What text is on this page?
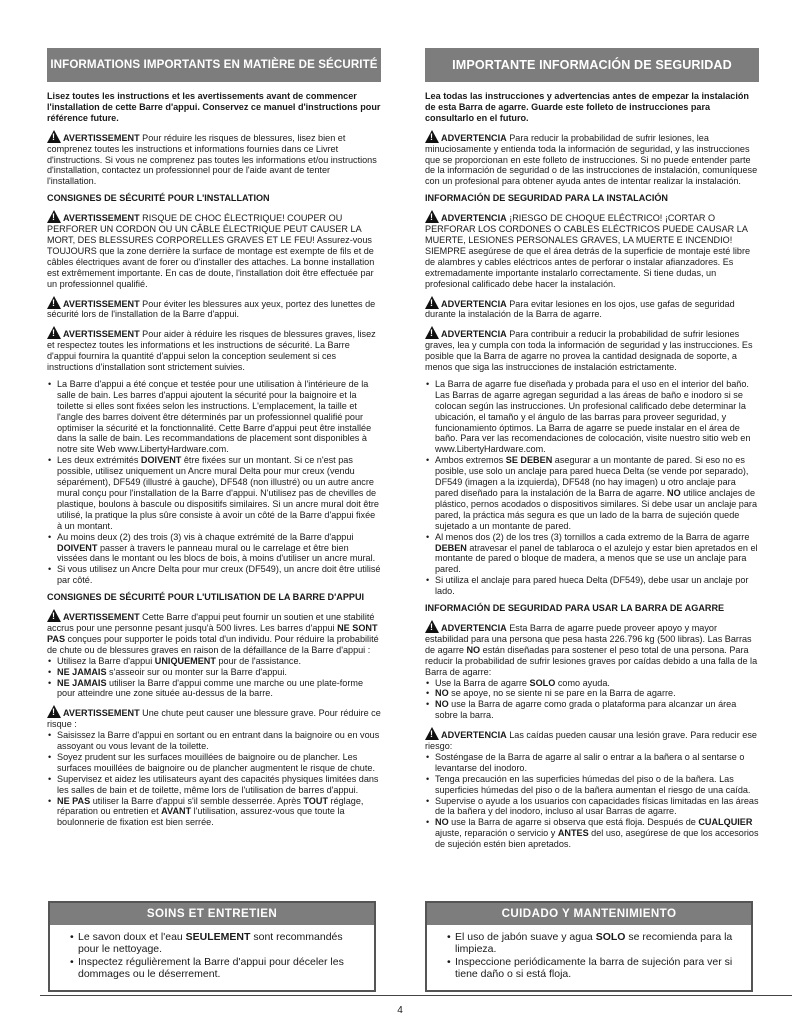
INFORMATIONS IMPORTANTS EN MATIÈRE DE SÉCURITÉ

Lisez toutes les instructions et les avertissements avant de commencer l'installation de cette Barre d'appui. Conservez ce manuel d'instructions pour référence future.

!AVERTISSEMENT Pour réduire les risques de blessures, lisez bien et comprenez toutes les instructions et informations fournies dans ce Livret d'instructions. Si vous ne comprenez pas toutes les informations et/ou instructions d'installation, contactez un professionnel pour de l'aide avant de tenter l'installation.

CONSIGNES DE SÉCURITÉ POUR L'INSTALLATION

!AVERTISSEMENT RISQUE DE CHOC ÉLECTRIQUE! COUPER OU PERFORER UN CORDON OU UN CÂBLE ÉLECTRIQUE PEUT CAUSER LA MORT, DES BLESSURES CORPORELLES GRAVES ET LE FEU! Assurez-vous TOUJOURS que la zone derrière la surface de montage est exempte de fils et de câbles électriques avant de forer ou d'installer des attaches. La bonne installation est extrêmement importante. En cas de doute, l'installation doit être effectuée par un professionnel qualifié.

!AVERTISSEMENT Pour éviter les blessures aux yeux, portez des lunettes de sécurité lors de l'installation de la Barre d'appui.

!AVERTISSEMENT Pour aider à réduire les risques de blessures graves, lisez et respectez toutes les informations et les instructions de sécurité. La Barre d'appui fournira la quantité d'appui selon la conception seulement si ces instructions d'installation sont strictement suivies.

• La Barre d'appui a été conçue et testée pour une utilisation à l'intérieure de la salle de bain. Les barres d'appui ajoutent la sécurité pour la baignoire et la toilette si elles sont fixées selon les instructions. L'emplacement, la taille et l'angle des barres doivent être déterminés par un professionnel qualifié pour optimiser la sécurité et la fonctionnalité. Cette Barre d'appui peut être installée dans la salle de bain. Les recommandations de placement sont disponibles à notre site Web www.LibertyHardware.com.
• Les deux extrémités DOIVENT être fixées sur un montant. Si ce n'est pas possible, utilisez uniquement un Ancre mural Delta pour mur creux (vendu séparément), DF549 (illustré à gauche), DF548 (non illustré) ou un autre ancre mural conçu pour l'installation de la Barre d'appui. N'utilisez pas de chevilles de plastique, boulons à bascule ou dispositifs similaires. Si un ancre mural doit être utilisé, la pratique la plus sûre consiste à avoir un côté de la Barre d'appui fixée à un montant.
• Au moins deux (2) des trois (3) vis à chaque extrémité de la Barre d'appui DOIVENT passer à travers le panneau mural ou le carrelage et être bien vissées dans le montant ou les blocs de bois, à moins d'utiliser un ancre mural.
• Si vous utilisez un Ancre Delta pour mur creux (DF549), un ancre doit être utilisé par côté.

CONSIGNES DE SÉCURITÉ POUR L'UTILISATION DE LA BARRE D'APPUI

!AVERTISSEMENT Cette Barre d'appui peut fournir un soutien et une stabilité accrus pour une personne pesant jusqu'à 500 livres. Les barres d'appui NE SONT PAS conçues pour supporter le poids total d'un individu. Pour réduire la probabilité de chute ou de blessures graves en raison de la défaillance de la Barre d'appui :

• Utilisez la Barre d'appui UNIQUEMENT pour de l'assistance.
• NE JAMAIS s'asseoir sur ou monter sur la Barre d'appui.
• NE JAMAIS utiliser la Barre d'appui comme une marche ou une plate-forme pour atteindre une zone située au-dessus de la barre.

!AVERTISSEMENT Une chute peut causer une blessure grave. Pour réduire ce risque :

• Saisissez la Barre d'appui en sortant ou en entrant dans la baignoire ou en vous assoyant ou vous levant de la toilette.
• Soyez prudent sur les surfaces mouillées de baignoire ou de plancher. Les surfaces mouillées de baignoire ou de plancher augmentent le risque de chute.
• Supervisez et aidez les utilisateurs ayant des capacités physiques limitées dans les salles de bain et de toilette, même lors de l'utilisation de barres d'appui.
• NE PAS utiliser la Barre d'appui s'il semble desserrée. Après TOUT réglage, réparation ou entretien et AVANT l'utilisation, assurez-vous que toute la boulonnerie de fixation est bien serrée.
IMPORTANTE INFORMACIÓN DE SEGURIDAD

Lea todas las instrucciones y advertencias antes de empezar la instalación de esta Barra de agarre. Guarde este folleto de instrucciones para consultarlo en el futuro.

!ADVERTENCIA Para reducir la probabilidad de sufrir lesiones, lea minuciosamente y entienda toda la información de seguridad, y las instrucciones que se proporcionan en este folleto de instrucciones. Si no puede entender parte de la información de seguridad o de las instrucciones de instalación, comuníquese con un profesional para obtener ayuda antes de intentar realizar la instalación.

INFORMACIÓN DE SEGURIDAD PARA LA INSTALACIÓN

!ADVERTENCIA ¡RIESGO DE CHOQUE ELÉCTRICO! ¡CORTAR O PERFORAR LOS CORDONES O CABLES ELÉCTRICOS PUEDE CAUSAR LA MUERTE, LESIONES PERSONALES GRAVES, LA MUERTE E INCENDIO! SIEMPRE asegúrese de que el área detrás de la superficie de montaje esté libre de alambres y cables eléctricos antes de perforar o instalar afianzadores. Es extremadamente importante instalarlo correctamente. Si tiene dudas, un profesional calificado debe hacer la instalación.

!ADVERTENCIA Para evitar lesiones en los ojos, use gafas de seguridad durante la instalación de la Barra de agarre.

!ADVERTENCIA Para contribuir a reducir la probabilidad de sufrir lesiones graves, lea y cumpla con toda la información de seguridad y las instrucciones. Es posible que la Barra de agarre no provea la cantidad designada de soporte, a menos que siga las instrucciones de instalación estrictamente.

• La Barra de agarre fue diseñada y probada para el uso en el interior del baño. Las Barras de agarre agregan seguridad a las áreas de baño e inodoro si se colocan según las instrucciones. Un profesional calificado debe determinar la ubicación, el tamaño y el ángulo de las barras para proveer seguridad, y funcionamiento óptimos. La Barra de agarre se puede instalar en el área de baño. Para ver las recomendaciones de colocación, visite nuestro sitio web en www.LibertyHardware.com.
• Ambos extremos SE DEBEN asegurar a un montante de pared. Si eso no es posible, use solo un anclaje para pared hueca Delta (se vende por separado), DF549 (imagen a la izquierda), DF548 (no hay imagen) u otro anclaje para pared diseñado para la instalación de la Barra de agarre. NO utilice anclajes de plástico, pernos acodados o dispositivos similares. Si debe usar un anclaje para pared, la práctica más segura es que un lado de la barra de sujeción quede sujetado a un montante de pared.
• Al menos dos (2) de los tres (3) tornillos a cada extremo de la Barra de agarre DEBEN atravesar el panel de tablaroca o el azulejo y estar bien apretados en el montante de pared o bloque de madera, a menos que se use un anclaje para pared.
• Si utiliza el anclaje para pared hueca Delta (DF549), debe usar un anclaje por lado.

INFORMACIÓN DE SEGURIDAD PARA USAR LA BARRA DE AGARRE

!ADVERTENCIA Esta Barra de agarre puede proveer apoyo y mayor estabilidad para una persona que pesa hasta 226.796 kg (500 libras). Las Barras de agarre NO están diseñadas para sostener el peso total de una persona. Para reducir la probabilidad de sufrir lesiones graves por caídas debido a una falla de la Barra de agarre:

• Use la Barra de agarre SOLO como ayuda.
• NO se apoye, no se siente ni se pare en la Barra de agarre.
• NO use la Barra de agarre como grada o plataforma para alcanzar un área sobre la barra.

!ADVERTENCIA Las caídas pueden causar una lesión grave. Para reducir ese riesgo:

• Sosténgase de la Barra de agarre al salir o entrar a la bañera o al sentarse o levantarse del inodoro.
• Tenga precaución en las superficies húmedas del piso o de la bañera. Las superficies húmedas del piso o de la bañera aumentan el riesgo de una caída.
• Supervise o ayude a los usuarios con capacidades físicas limitadas en las áreas de la bañera y del inodoro, incluso al usar Barras de agarre.
• NO use la Barra de agarre si observa que está floja. Después de CUALQUIER ajuste, reparación o servicio y ANTES del uso, asegúrese de que los accesorios de sujeción estén bien apretados.
SOINS ET ENTRETIEN
• Le savon doux et l'eau SEULEMENT sont recommandés pour le nettoyage.
• Inspectez régulièrement la Barre d'appui pour déceler les dommages ou le déserrement.
CUIDADO Y MANTENIMIENTO
• El uso de jabón suave y agua SOLO se recomienda para la limpieza.
• Inspeccione periódicamente la barra de sujeción para ver si tiene daño o si está floja.
4
